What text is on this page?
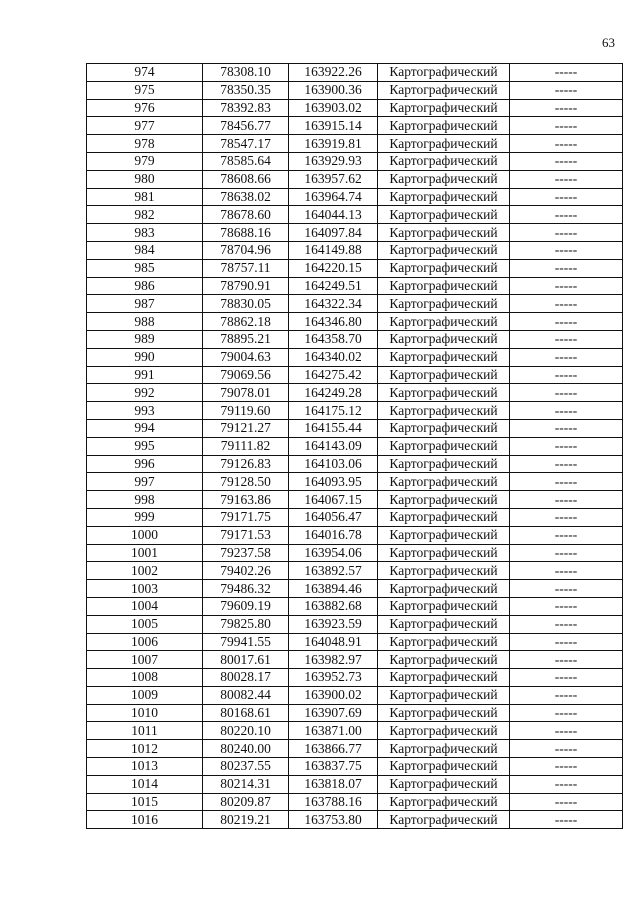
63
974	78308.10	163922.26	Картографический	-----
975	78350.35	163900.36	Картографический	-----
976	78392.83	163903.02	Картографический	-----
977	78456.77	163915.14	Картографический	-----
978	78547.17	163919.81	Картографический	-----
979	78585.64	163929.93	Картографический	-----
980	78608.66	163957.62	Картографический	-----
981	78638.02	163964.74	Картографический	-----
982	78678.60	164044.13	Картографический	-----
983	78688.16	164097.84	Картографический	-----
984	78704.96	164149.88	Картографический	-----
985	78757.11	164220.15	Картографический	-----
986	78790.91	164249.51	Картографический	-----
987	78830.05	164322.34	Картографический	-----
988	78862.18	164346.80	Картографический	-----
989	78895.21	164358.70	Картографический	-----
990	79004.63	164340.02	Картографический	-----
991	79069.56	164275.42	Картографический	-----
992	79078.01	164249.28	Картографический	-----
993	79119.60	164175.12	Картографический	-----
994	79121.27	164155.44	Картографический	-----
995	79111.82	164143.09	Картографический	-----
996	79126.83	164103.06	Картографический	-----
997	79128.50	164093.95	Картографический	-----
998	79163.86	164067.15	Картографический	-----
999	79171.75	164056.47	Картографический	-----
1000	79171.53	164016.78	Картографический	-----
1001	79237.58	163954.06	Картографический	-----
1002	79402.26	163892.57	Картографический	-----
1003	79486.32	163894.46	Картографический	-----
1004	79609.19	163882.68	Картографический	-----
1005	79825.80	163923.59	Картографический	-----
1006	79941.55	164048.91	Картографический	-----
1007	80017.61	163982.97	Картографический	-----
1008	80028.17	163952.73	Картографический	-----
1009	80082.44	163900.02	Картографический	-----
1010	80168.61	163907.69	Картографический	-----
1011	80220.10	163871.00	Картографический	-----
1012	80240.00	163866.77	Картографический	-----
1013	80237.55	163837.75	Картографический	-----
1014	80214.31	163818.07	Картографический	-----
1015	80209.87	163788.16	Картографический	-----
1016	80219.21	163753.80	Картографический	-----
